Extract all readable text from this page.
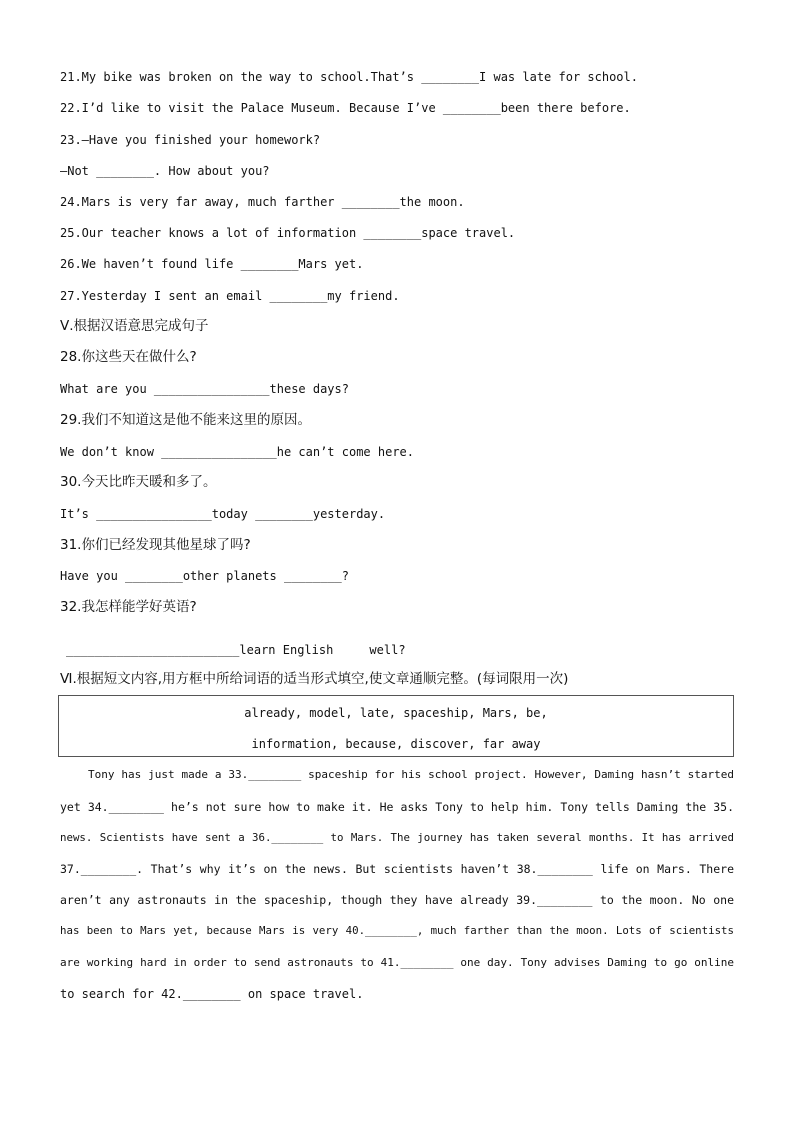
21.My bike was broken on the way to school.That’s ________I was late for school.
22.I’d like to visit the Palace Museum. Because I’ve ________been there before.
23.—Have you finished your homework?
—Not ________. How about you?
24.Mars is very far away, much farther ________the moon.
25.Our teacher knows a lot of information ________space travel.
26.We haven’t found life ________Mars yet.
27.Yesterday I sent an email ________my friend.
Ⅴ.根据汉语意思完成句子
28.你这些天在做什么?
What are you ________________these days?
29.我们不知道这是他不能来这里的原因。
We don’t know ________________he can’t come here.
30.今天比昨天暖和多了。
It’s ________________today ________yesterday.
31.你们已经发现其他星球了吗?
Have you ________other planets ________?
32.我怎样能学好英语?
________________________learn English     well?
Ⅵ.根据短文内容,用方框中所给词语的适当形式填空,使文章通顺完整。(每词限用一次)
already, model, late, spaceship, Mars, be,
information, because, discover, far away
Tony has just made a 33.________ spaceship for his school project. However, Daming hasn’t started
yet 34.________ he’s not sure how to make it. He asks Tony to help him. Tony tells Daming the 35.
news. Scientists have sent a 36.________ to Mars. The journey has taken several months. It has arrived
37.________. That’s why it’s on the news. But scientists haven’t 38.________ life on Mars. There
aren’t any astronauts in the spaceship, though they have already 39.________ to the moon. No one
has been to Mars yet, because Mars is very 40.________, much farther than the moon. Lots of scientists
are working hard in order to send astronauts to 41.________ one day. Tony advises Daming to go online
to search for 42.________ on space travel.
